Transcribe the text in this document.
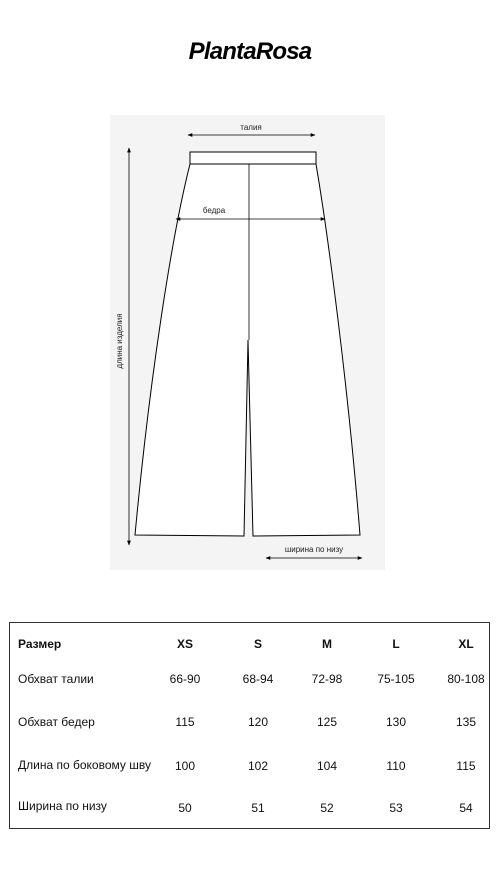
PlantaRosa
талия
бедра
длина изделия
ширина по низу
Размер	XS	S	M	L	XL
Обхват талии	66-90	68-94	72-98	75-105	80-108
Обхват бедер	115	120	125	130	135
Длина по боковому шву 100	102	104	110	115
Ширина по низу	50	51	52	53	54
